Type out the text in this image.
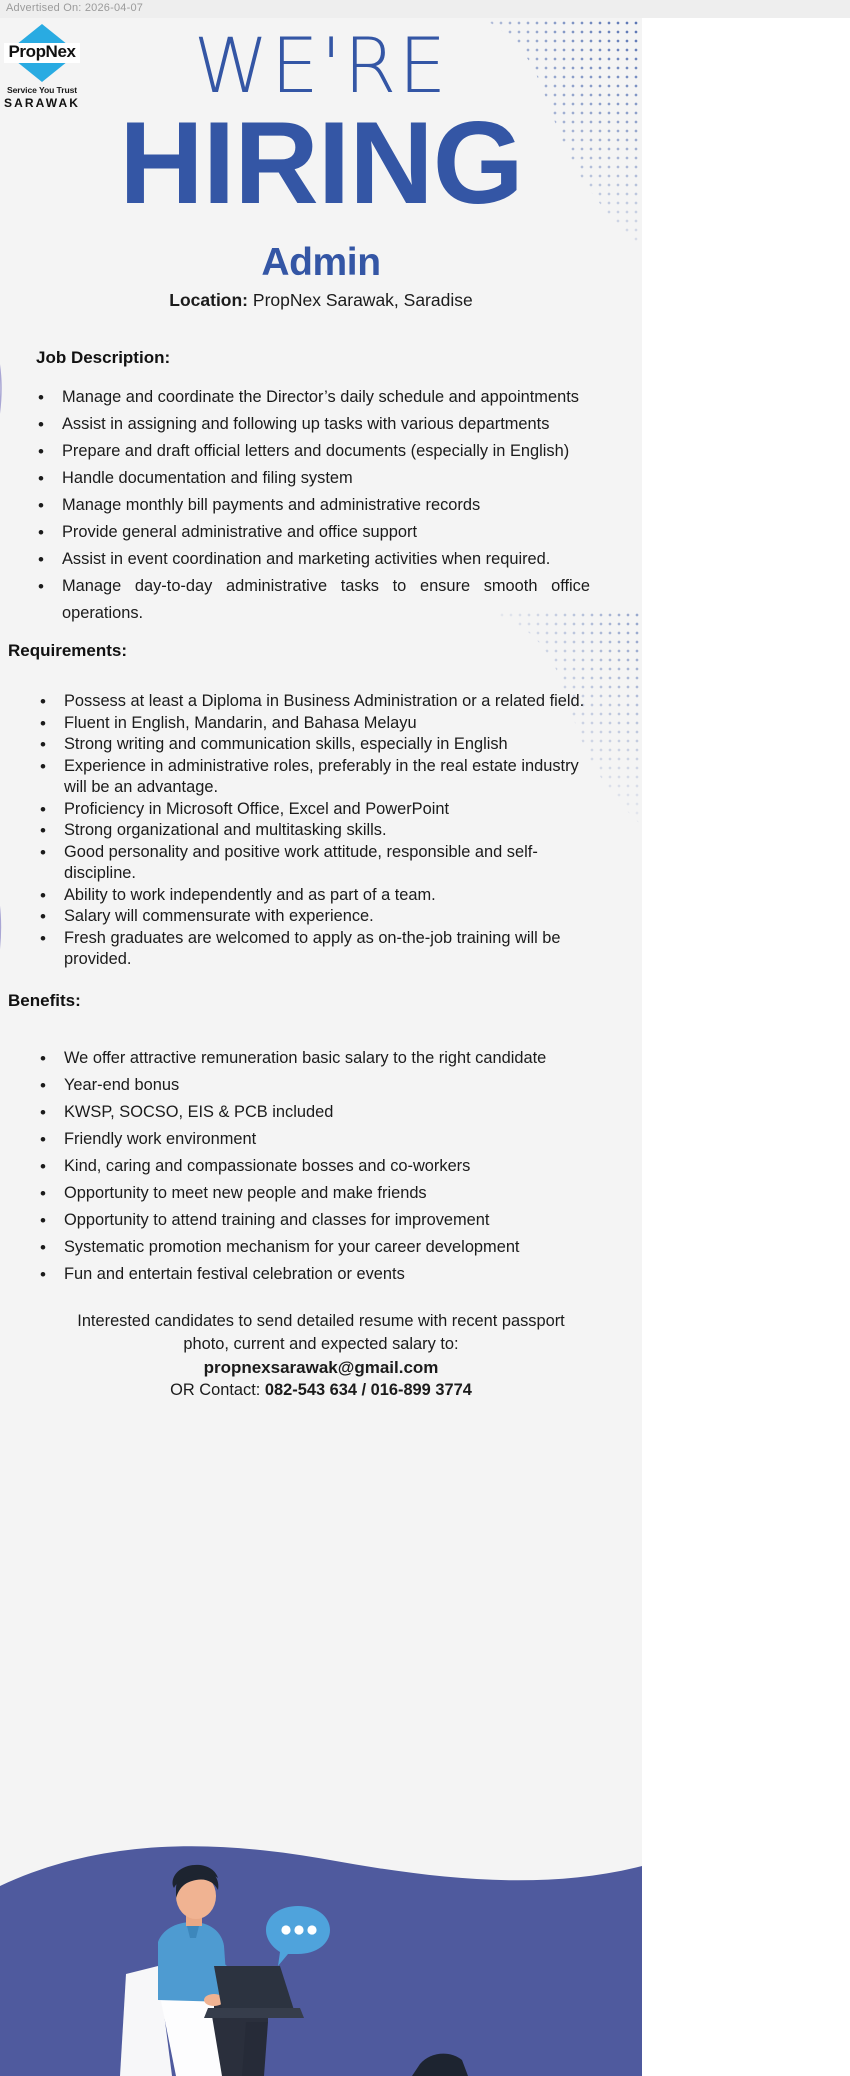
Advertised On: 2026-04-07
WE'RE
HIRING
Admin
Location: PropNex Sarawak, Saradise
Job Description:
• Manage and coordinate the Director’s daily schedule and appointments
• Assist in assigning and following up tasks with various departments
• Prepare and draft official letters and documents (especially in English)
• Handle documentation and filing system
• Manage monthly bill payments and administrative records
• Provide general administrative and office support
• Assist in event coordination and marketing activities when required.
• Manage day-to-day administrative tasks to ensure smooth office operations.
Requirements:
• Possess at least a Diploma in Business Administration or a related field.
• Fluent in English, Mandarin, and Bahasa Melayu
• Strong writing and communication skills, especially in English
• Experience in administrative roles, preferably in the real estate industry will be an advantage.
• Proficiency in Microsoft Office, Excel and PowerPoint
• Strong organizational and multitasking skills.
• Good personality and positive work attitude, responsible and self-discipline.
• Ability to work independently and as part of a team.
• Salary will commensurate with experience.
• Fresh graduates are welcomed to apply as on-the-job training will be provided.
Benefits:
• We offer attractive remuneration basic salary to the right candidate
• Year-end bonus
• KWSP, SOCSO, EIS & PCB included
• Friendly work environment
• Kind, caring and compassionate bosses and co-workers
• Opportunity to meet new people and make friends
• Opportunity to attend training and classes for improvement
• Systematic promotion mechanism for your career development
• Fun and entertain festival celebration or events
Interested candidates to send detailed resume with recent passport photo, current and expected salary to:
propnexsarawak@gmail.com
OR Contact: 082-543 634 / 016-899 3774
PropNex
Service You Trust
SARAWAK
